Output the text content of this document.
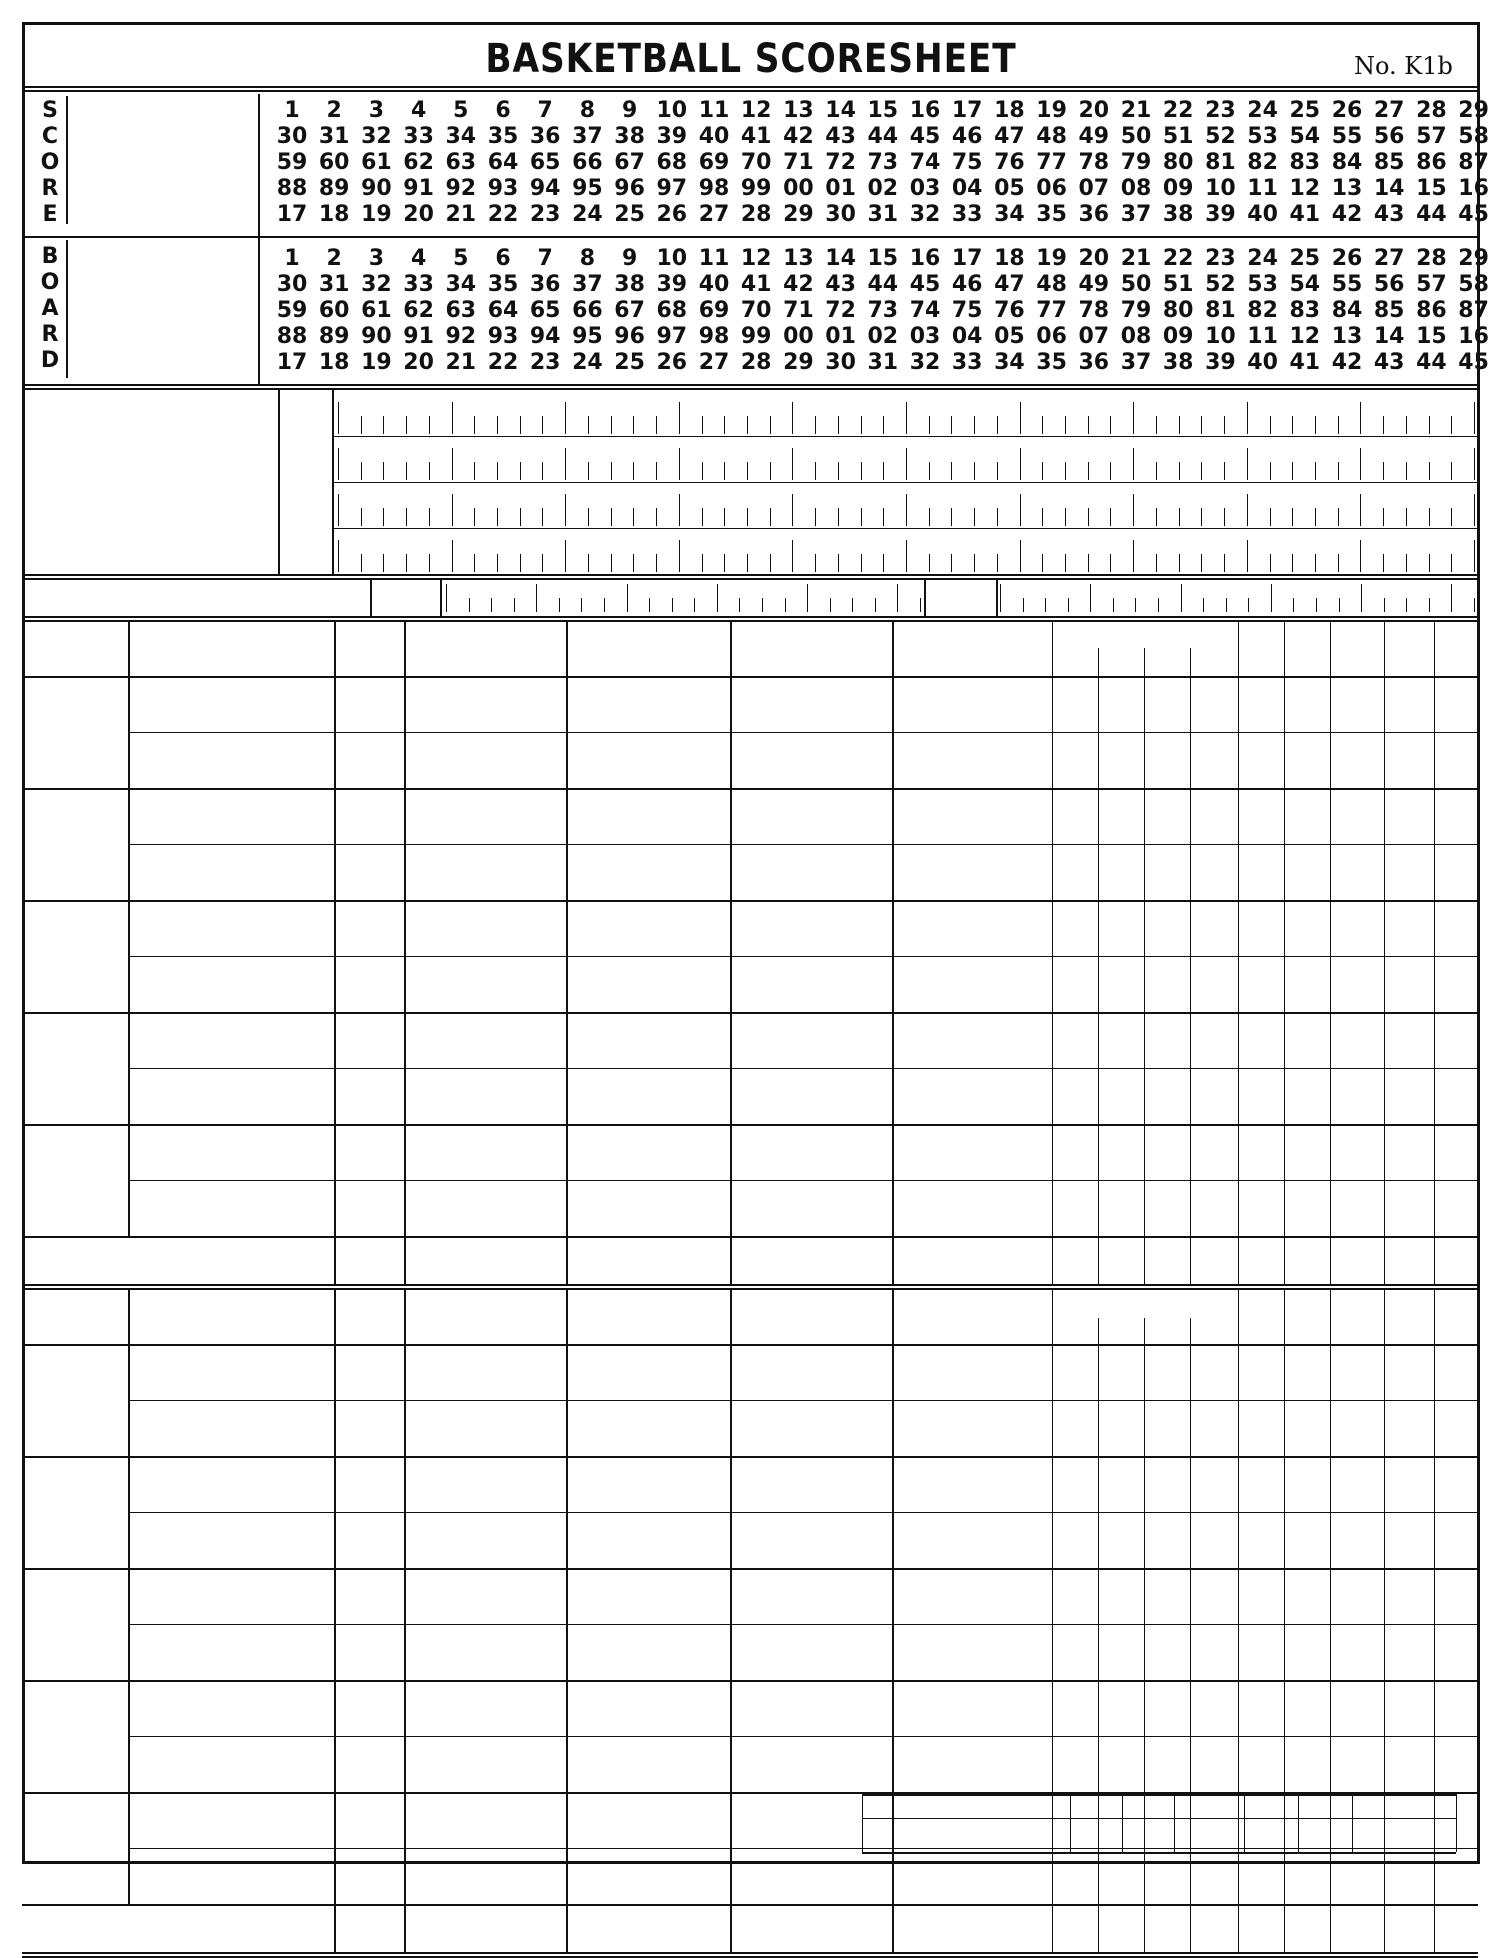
BASKETBALL SCORESHEET	No. K1b
S
C
O
R
E
B
O
A
R
D
1	2	3	4	5	6	7	8	9 10 11 12 13 14 15 16 17 18 19 20 21 22 23 24 25 26 27 28 29
30 31 32 33 34 35 36 37 38 39 40 41 42 43 44 45 46 47 48 49 50 51 52 53 54 55 56 57 58
59 60 61 62 63 64 65 66 67 68 69 70 71 72 73 74 75 76 77 78 79 80 81 82 83 84 85 86 87
88 89 90 91 92 93 94 95 96 97 98 99 00 01 02 03 04 05 06 07 08 09 10 11 12 13 14 15 16
17 18 19 20 21 22 23 24 25 26 27 28 29 30 31 32 33 34 35 36 37 38 39 40 41 42 43 44 45
1	2	3	4	5	6	7	8	9 10 11 12 13 14 15 16 17 18 19 20 21 22 23 24 25 26 27 28 29
30 31 32 33 34 35 36 37 38 39 40 41 42 43 44 45 46 47 48 49 50 51 52 53 54 55 56 57 58
59 60 61 62 63 64 65 66 67 68 69 70 71 72 73 74 75 76 77 78 79 80 81 82 83 84 85 86 87
88 89 90 91 92 93 94 95 96 97 98 99 00 01 02 03 04 05 06 07 08 09 10 11 12 13 14 15 16
17 18 19 20 21 22 23 24 25 26 27 28 29 30 31 32 33 34 35 36 37 38 39 40 41 42 43 44 45
